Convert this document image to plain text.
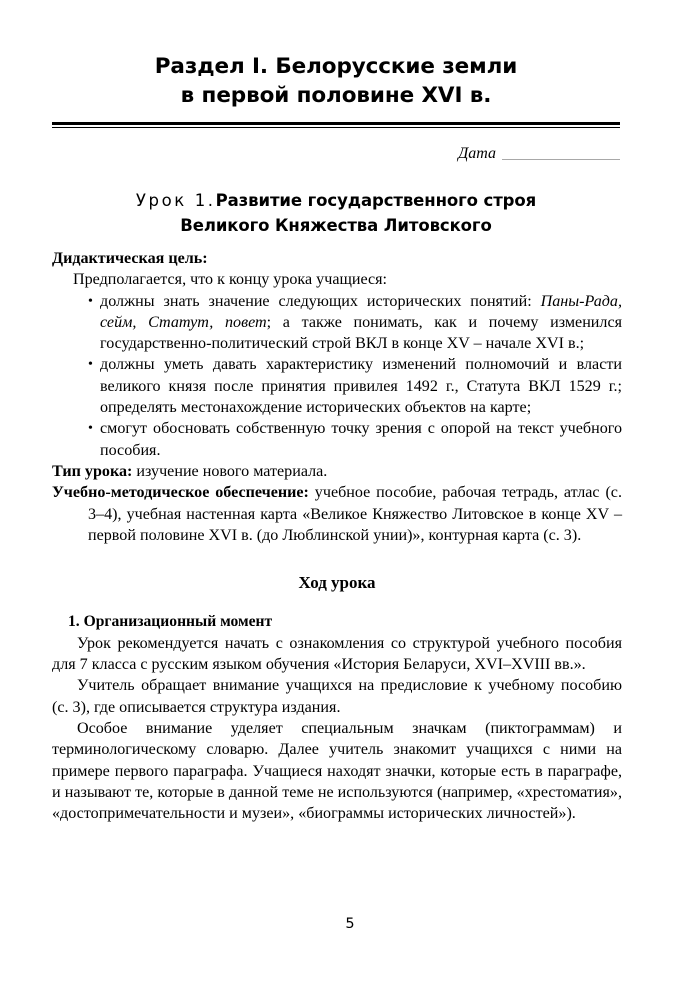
Раздел I. Белорусские земли
в первой половине XVI в.
Дата
Урок 1.Развитие государственного строя
Великого Княжества Литовского

Дидактическая цель:

Предполагается, что к концу урока учащиеся:

• должны знать значение следующих исторических понятий: Паны-Рада, сейм, Статут, повет; а также понимать, как и почему изменился государственно-политический строй ВКЛ в конце XV – начале XVI в.;
• должны уметь давать характеристику изменений полномочий и власти великого князя после принятия привилея 1492 г., Статута ВКЛ 1529 г.; определять местонахождение исторических объектов на карте;
• смогут обосновать собственную точку зрения с опорой на текст учебного пособия.

Тип урока: изучение нового материала.

Учебно-методическое обеспечение: учебное пособие, рабочая тетрадь, атлас (с. 3–4), учебная настенная карта «Великое Княжество Литовское в конце XV – первой половине XVI в. (до Люблинской унии)», контурная карта (с. 3).

Ход урока

1. Организационный момент

Урок рекомендуется начать с ознакомления со структурой учебного пособия для 7 класса с русским языком обучения «История Беларуси, XVI–XVIII вв.».

Учитель обращает внимание учащихся на предисловие к учебному пособию (с. 3), где описывается структура издания.

Особое внимание уделяет специальным значкам (пиктограммам) и терминологическому словарю. Далее учитель знакомит учащихся с ними на примере первого параграфа. Учащиеся находят значки, которые есть в параграфе, и называют те, которые в данной теме не используются (например, «хрестоматия», «достопримечательности и музеи», «биограммы исторических личностей»).

5
